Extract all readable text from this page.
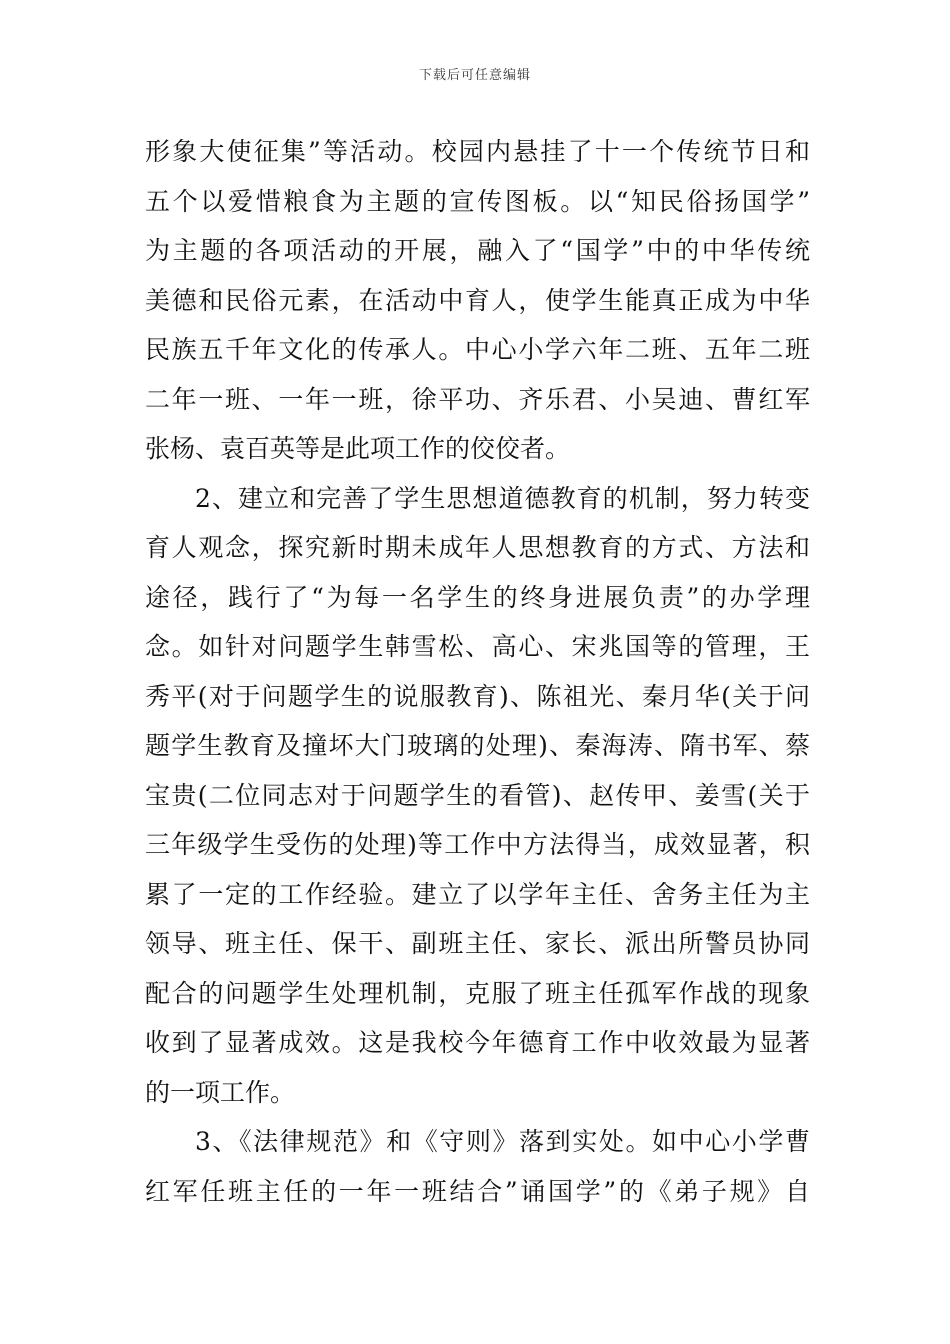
下载后可任意编辑
形象大使征集”等活动。校园内悬挂了十一个传统节日和
五个以爱惜粮食为主题的宣传图板。以“知民俗扬国学”
为主题的各项活动的开展，融入了“国学”中的中华传统
美德和民俗元素，在活动中育人，使学生能真正成为中华
民族五千年文化的传承人。中心小学六年二班、五年二班
二年一班、一年一班，徐平功、齐乐君、小吴迪、曹红军
张杨、袁百英等是此项工作的佼佼者。
2、建立和完善了学生思想道德教育的机制，努力转变
育人观念，探究新时期未成年人思想教育的方式、方法和
途径，践行了“为每一名学生的终身进展负责”的办学理
念。如针对问题学生韩雪松、高心、宋兆国等的管理，王
秀平(对于问题学生的说服教育)、陈祖光、秦月华(关于问
题学生教育及撞坏大门玻璃的处理)、秦海涛、隋书军、蔡
宝贵(二位同志对于问题学生的看管)、赵传甲、姜雪(关于
三年级学生受伤的处理)等工作中方法得当，成效显著，积
累了一定的工作经验。建立了以学年主任、舍务主任为主
领导、班主任、保干、副班主任、家长、派出所警员协同
配合的问题学生处理机制，克服了班主任孤军作战的现象
收到了显著成效。这是我校今年德育工作中收效最为显著
的一项工作。
3、《法律规范》和《守则》落到实处。如中心小学曹
红军任班主任的一年一班结合”诵国学”的《弟子规》自
